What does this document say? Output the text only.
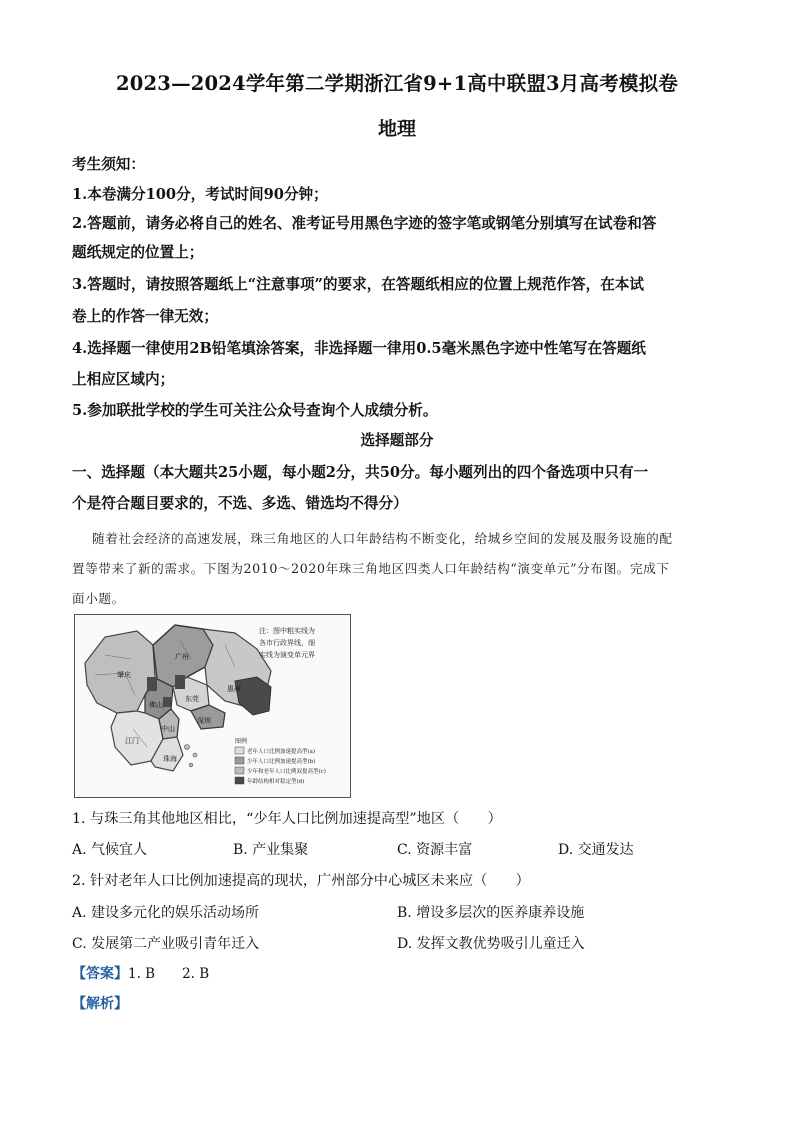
2023—2024学年第二学期浙江省9+1高中联盟3月高考模拟卷
地理
考生须知：
1.本卷满分100分，考试时间90分钟；
2.答题前，请务必将自己的姓名、准考证号用黑色字迹的签字笔或钢笔分别填写在试卷和答
题纸规定的位置上；
3.答题时，请按照答题纸上“注意事项”的要求，在答题纸相应的位置上规范作答，在本试
卷上的作答一律无效；
4.选择题一律使用2B铅笔填涂答案，非选择题一律用0.5毫米黑色字迹中性笔写在答题纸
上相应区域内；
5.参加联批学校的学生可关注公众号查询个人成绩分析。
选择题部分
一、选择题（本大题共25小题，每小题2分，共50分。每小题列出的四个备选项中只有一
个是符合题目要求的，不选、多选、错选均不得分）
随着社会经济的高速发展，珠三角地区的人口年龄结构不断变化，给城乡空间的发展及服务设施的配
置等带来了新的需求。下图为2010～2020年珠三角地区四类人口年龄结构“演变单元”分布图。完成下
面小题。
肇庆
广州
惠州
佛山
东莞
深圳
江门
中山
珠海
注：图中粗实线为
各市行政界线，细
实线为演变单元界
图例
老年人口比例加速提高型(a)
少年人口比例加速提高型(b)
少年和老年人口比例双提高型(c)
年龄结构相对稳定型(d)
1. 与珠三角其他地区相比，“少年人口比例加速提高型”地区（　　）
A. 气候宜人	B. 产业集聚	C. 资源丰富	D. 交通发达
2. 针对老年人口比例加速提高的现状，广州部分中心城区未来应（　　）
A. 建设多元化的娱乐活动场所	B. 增设多层次的医养康养设施
C. 发展第二产业吸引青年迁入	D. 发挥文教优势吸引儿童迁入
【答案】1. B　　2. B
【解析】
